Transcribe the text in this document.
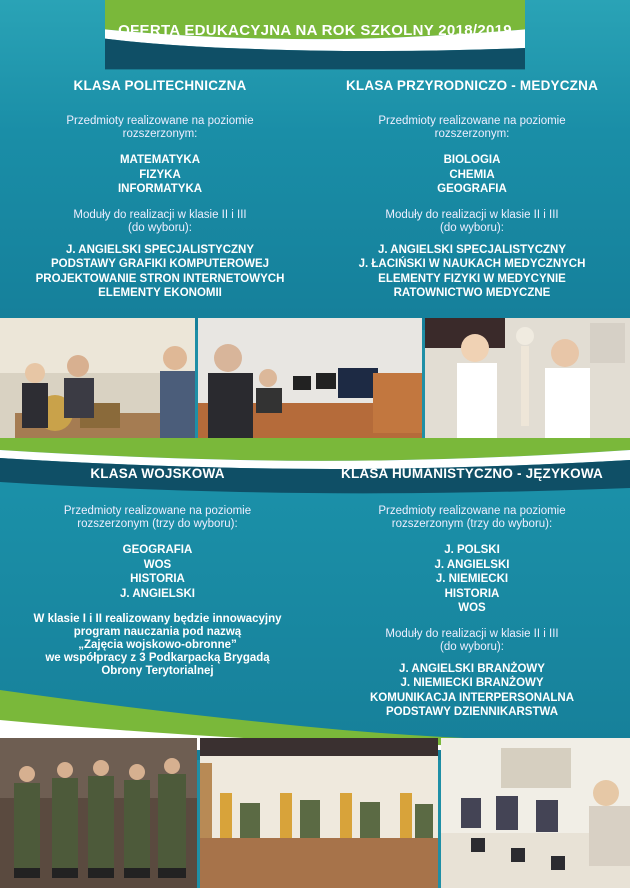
OFERTA EDUKACYJNA NA ROK SZKOLNY 2018/2019
KLASA POLITECHNICZNA
Przedmioty realizowane na poziomie
rozszerzonym:
MATEMATYKA
FIZYKA
INFORMATYKA
Moduły do realizacji w klasie II i III
(do wyboru):
J. ANGIELSKI SPECJALISTYCZNY
PODSTAWY GRAFIKI KOMPUTEROWEJ
PROJEKTOWANIE STRON INTERNETOWYCH
ELEMENTY EKONOMII
KLASA PRZYRODNICZO - MEDYCZNA
Przedmioty realizowane na poziomie
rozszerzonym:
BIOLOGIA
CHEMIA
GEOGRAFIA
Moduły do realizacji w klasie II i III
(do wyboru):
J. ANGIELSKI SPECJALISTYCZNY
J. ŁACIŃSKI W NAUKACH MEDYCZNYCH
ELEMENTY FIZYKI W MEDYCYNIE
RATOWNICTWO MEDYCZNE
KLASA WOJSKOWA
Przedmioty realizowane na poziomie
rozszerzonym (trzy do wyboru):
GEOGRAFIA
WOS
HISTORIA
J. ANGIELSKI
W klasie I i II realizowany będzie innowacyjny
program nauczania pod nazwą
„Zajęcia wojskowo-obronne”
we współpracy z 3 Podkarpacką Brygadą
Obrony Terytorialnej
KLASA HUMANISTYCZNO - JĘZYKOWA
Przedmioty realizowane na poziomie
rozszerzonym (trzy do wyboru):
J. POLSKI
J. ANGIELSKI
J. NIEMIECKI
HISTORIA
WOS
Moduły do realizacji w klasie II i III
(do wyboru):
J. ANGIELSKI BRANŻOWY
J. NIEMIECKI BRANŻOWY
KOMUNIKACJA INTERPERSONALNA
PODSTAWY DZIENNIKARSTWA
